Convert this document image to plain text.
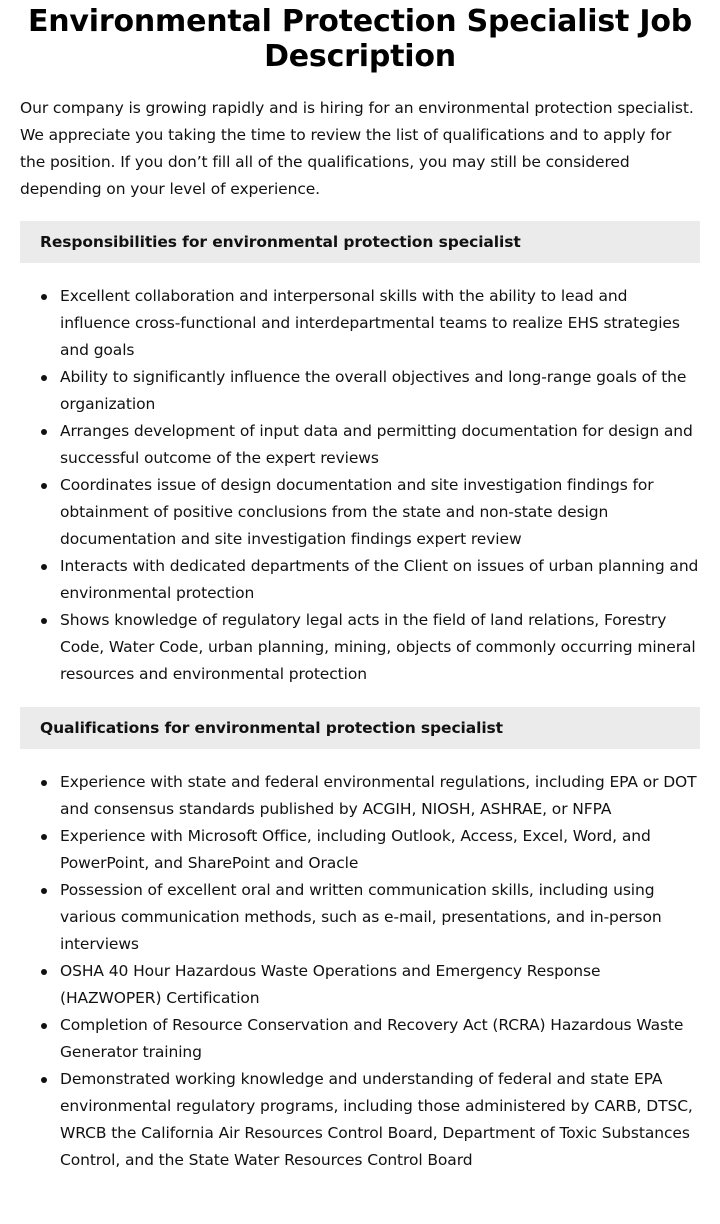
Environmental Protection Specialist Job Description

Our company is growing rapidly and is hiring for an environmental protection specialist. We appreciate you taking the time to review the list of qualifications and to apply for the position. If you don’t fill all of the qualifications, you may still be considered depending on your level of experience.

Responsibilities for environmental protection specialist
Excellent collaboration and interpersonal skills with the ability to lead and influence cross-functional and interdepartmental teams to realize EHS strategies and goals
Ability to significantly influence the overall objectives and long-range goals of the organization
Arranges development of input data and permitting documentation for design and successful outcome of the expert reviews
Coordinates issue of design documentation and site investigation findings for obtainment of positive conclusions from the state and non-state design documentation and site investigation findings expert review
Interacts with dedicated departments of the Client on issues of urban planning and environmental protection
Shows knowledge of regulatory legal acts in the field of land relations, Forestry Code, Water Code, urban planning, mining, objects of commonly occurring mineral resources and environmental protection
Qualifications for environmental protection specialist
Experience with state and federal environmental regulations, including EPA or DOT and consensus standards published by ACGIH, NIOSH, ASHRAE, or NFPA
Experience with Microsoft Office, including Outlook, Access, Excel, Word, and PowerPoint, and SharePoint and Oracle
Possession of excellent oral and written communication skills, including using various communication methods, such as e-mail, presentations, and in-person interviews
OSHA 40 Hour Hazardous Waste Operations and Emergency Response (HAZWOPER) Certification
Completion of Resource Conservation and Recovery Act (RCRA) Hazardous Waste Generator training
Demonstrated working knowledge and understanding of federal and state EPA environmental regulatory programs, including those administered by CARB, DTSC, WRCB the California Air Resources Control Board, Department of Toxic Substances Control, and the State Water Resources Control Board
